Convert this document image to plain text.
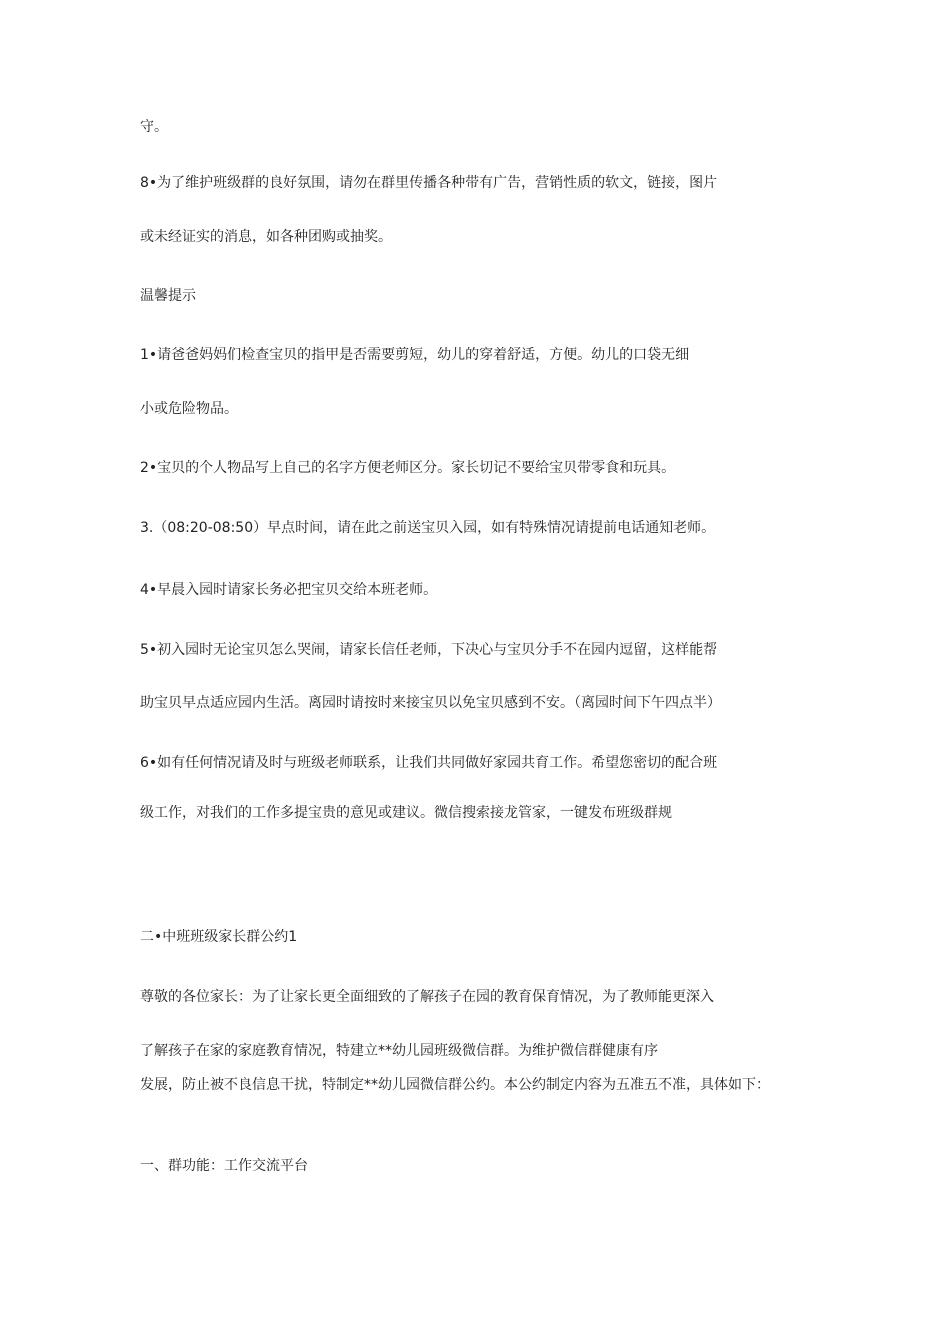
守。
8•为了维护班级群的良好氛围，请勿在群里传播各种带有广告，营销性质的软文，链接，图片
或未经证实的消息，如各种团购或抽奖。
温馨提示
1•请爸爸妈妈们检查宝贝的指甲是否需要剪短，幼儿的穿着舒适，方便。幼儿的口袋无细
小或危险物品。
2•宝贝的个人物品写上自己的名字方便老师区分。家长切记不要给宝贝带零食和玩具。
3.（08:20-08:50）早点时间，请在此之前送宝贝入园，如有特殊情况请提前电话通知老师。
4•早晨入园时请家长务必把宝贝交给本班老师。
5•初入园时无论宝贝怎么哭闹，请家长信任老师，下决心与宝贝分手不在园内逗留，这样能帮
助宝贝早点适应园内生活。离园时请按时来接宝贝以免宝贝感到不安。（离园时间下午四点半）
6•如有任何情况请及时与班级老师联系，让我们共同做好家园共育工作。希望您密切的配合班
级工作，对我们的工作多提宝贵的意见或建议。微信搜索接龙管家，一键发布班级群规
二•中班班级家长群公约1
尊敬的各位家长：为了让家长更全面细致的了解孩子在园的教育保育情况，为了教师能更深入
了解孩子在家的家庭教育情况，特建立**幼儿园班级微信群。为维护微信群健康有序
发展，防止被不良信息干扰，特制定**幼儿园微信群公约。本公约制定内容为五准五不准，具体如下：
一、群功能：工作交流平台
